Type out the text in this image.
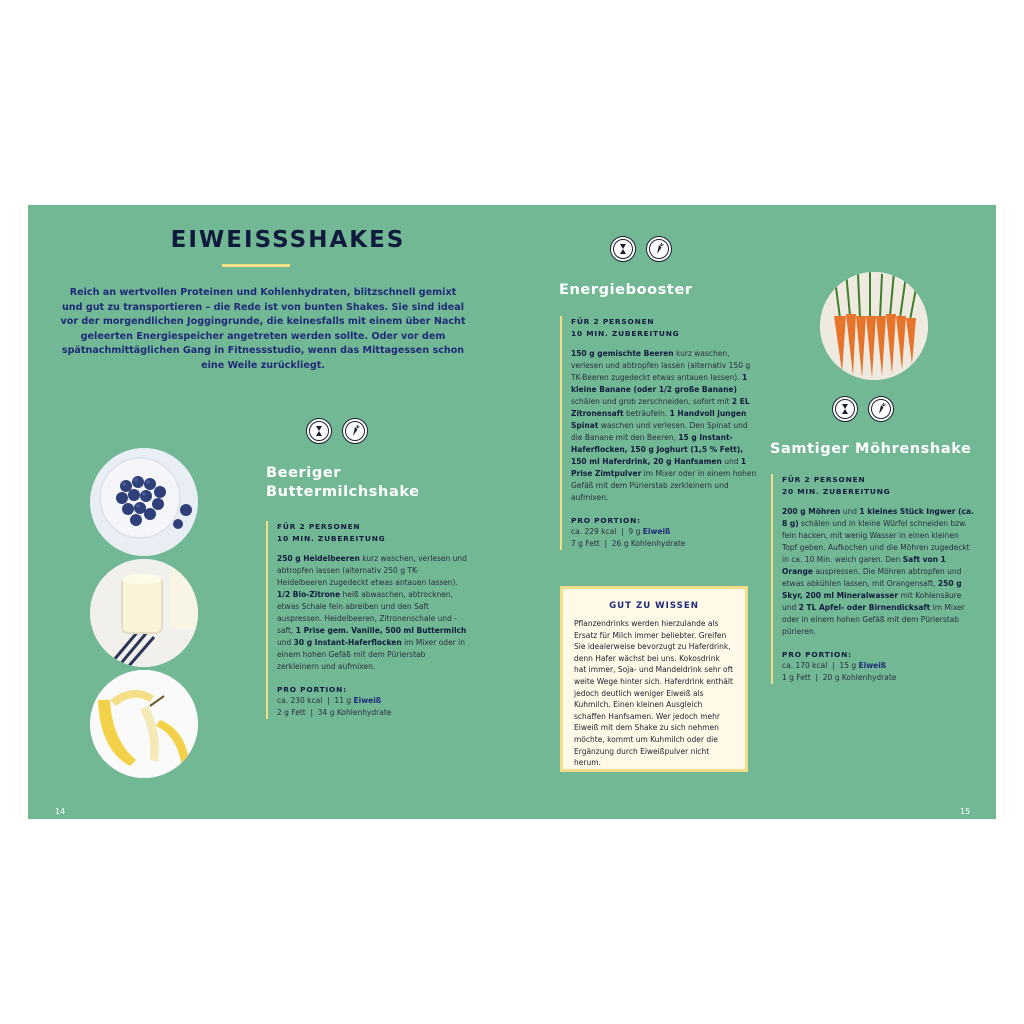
EIWEISSSHAKES
Reich an wertvollen Proteinen und Kohlenhydraten, blitzschnell gemixt und gut zu transportieren – die Rede ist von bunten Shakes. Sie sind ideal vor der morgendlichen Joggingrunde, die keinesfalls mit einem über Nacht geleerten Energiespeicher angetreten werden sollte. Oder vor dem spätnachmittäglichen Gang in Fitnessstudio, wenn das Mittagessen schon eine Weile zurückliegt.
Beeriger
Buttermilchshake
FÜR 2 PERSONEN
10 MIN. ZUBEREITUNG
250 g Heidelbeeren kurz waschen, verlesen und abtropfen lassen (alternativ 250 g TK-Heidelbeeren zugedeckt etwas antauen lassen). 1/2 Bio-Zitrone heiß abwaschen, abtrocknen, etwas Schale fein abreiben und den Saft auspressen. Heidelbeeren, Zitronenschale und -saft, 1 Prise gem. Vanille, 500 ml Buttermilch und 30 g Instant-Haferflocken im Mixer oder in einem hohen Gefäß mit dem Pürierstab zerkleinern und aufmixen.
PRO PORTION:
ca. 230 kcal  |  11 g Eiweiß
2 g Fett  |  34 g Kohlenhydrate
14
Energiebooster
FÜR 2 PERSONEN
10 MIN. ZUBEREITUNG
150 g gemischte Beeren kurz waschen, verlesen und abtropfen lassen (alternativ 150 g TK-Beeren zugedeckt etwas antauen lassen). 1 kleine Banane (oder 1/2 große Banane) schälen und grob zerschneiden, sofort mit 2 EL Zitronensaft beträufeln. 1 Handvoll jungen Spinat waschen und verlesen. Den Spinat und die Banane mit den Beeren, 15 g Instant-Haferflocken, 150 g Joghurt (1,5 % Fett), 150 ml Haferdrink, 20 g Hanfsamen und 1 Prise Zimtpulver im Mixer oder in einem hohen Gefäß mit dem Pürierstab zerkleinern und aufmixen.
PRO PORTION:
ca. 229 kcal  |  9 g Eiweiß
7 g Fett  |  26 g Kohlenhydrate
GUT ZU WISSEN
Pflanzendrinks werden hierzulande als Ersatz für Milch immer beliebter. Greifen Sie idealerweise bevorzugt zu Haferdrink, denn Hafer wächst bei uns. Kokosdrink hat immer, Soja- und Mandeldrink sehr oft weite Wege hinter sich. Haferdrink enthält jedoch deutlich weniger Eiweiß als Kuhmilch. Einen kleinen Ausgleich schaffen Hanfsamen. Wer jedoch mehr Eiweiß mit dem Shake zu sich nehmen möchte, kommt um Kuhmilch oder die Ergänzung durch Eiweißpulver nicht herum.
Samtiger Möhrenshake
FÜR 2 PERSONEN
20 MIN. ZUBEREITUNG
200 g Möhren und 1 kleines Stück Ingwer (ca. 8 g) schälen und in kleine Würfel schneiden bzw. fein hacken, mit wenig Wasser in einen kleinen Topf geben. Aufkochen und die Möhren zugedeckt in ca. 10 Min. weich garen. Den Saft von 1 Orange auspressen. Die Möhren abtropfen und etwas abkühlen lassen, mit Orangensaft, 250 g Skyr, 200 ml Mineralwasser mit Kohlensäure und 2 TL Apfel- oder Birnendicksaft im Mixer oder in einem hohen Gefäß mit dem Pürierstab pürieren.
PRO PORTION:
ca. 170 kcal  |  15 g Eiweiß
1 g Fett  |  20 g Kohlenhydrate
15
